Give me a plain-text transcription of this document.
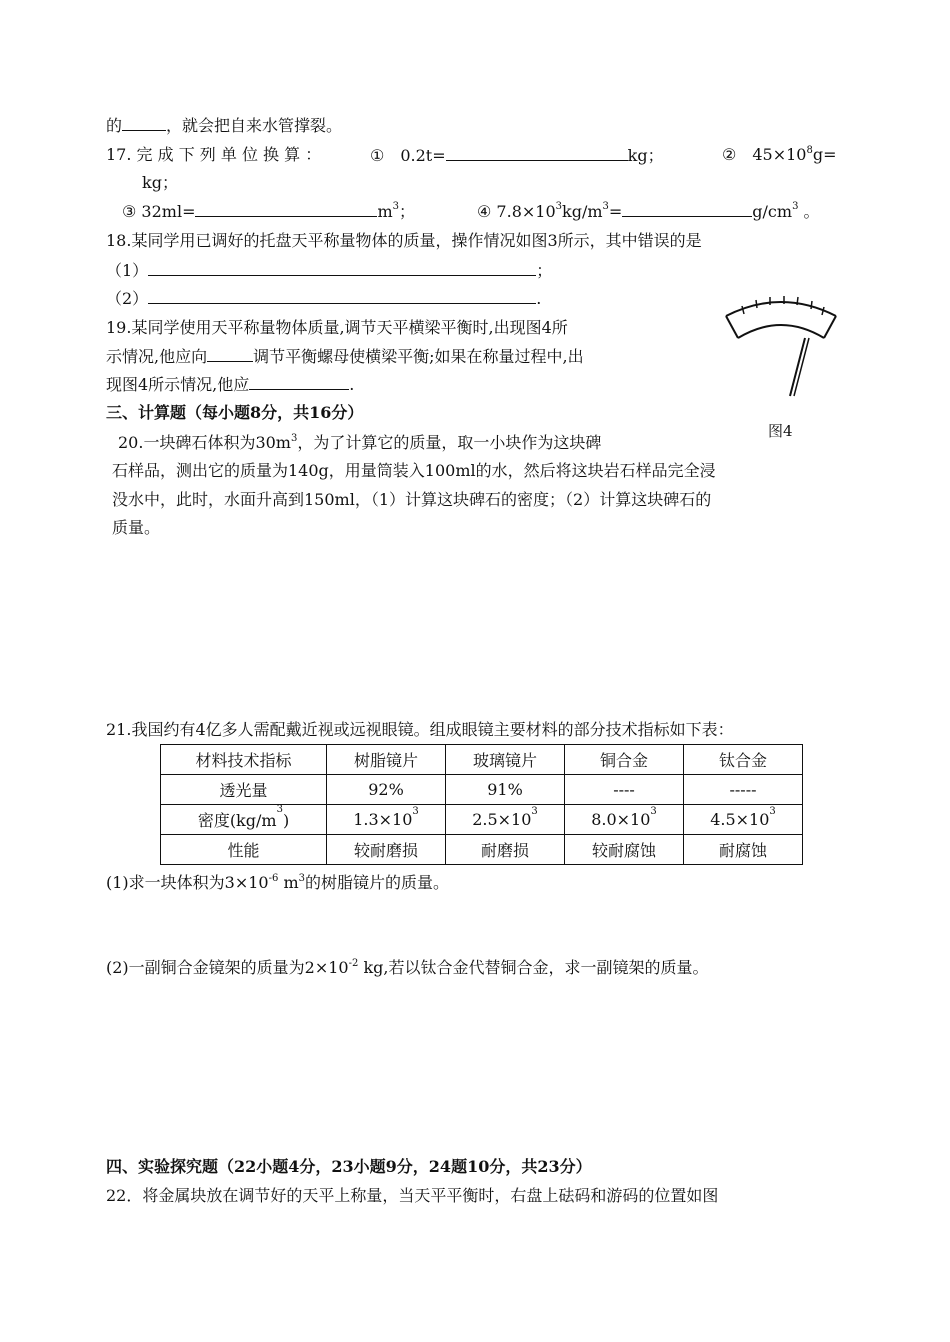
的	，就会把自来水管撑裂。
17. 完 成 下 列 单 位 换 算 ：	①　0.2t=	kg；	②　$45\times 10^8g=$
kg；
③ 32ml=	$m^3$；	④ $7.8\times 10^3kg/m^3=$	$g/cm^3$ 。
18.某同学用已调好的托盘天平称量物体的质量，操作情况如图3所示，其中错误的是
（1）	；
（2）	.
19.某同学使用天平称量物体质量,调节天平横梁平衡时,出现图4所
示情况,他应向	调节平衡螺母使横梁平衡;如果在称量过程中,出
现图4所示情况,他应	.
图4
三、计算题（每小题8分，共16分）
20.一块碑石体积为$30m^3$，为了计算它的质量，取一小块作为这块碑
石样品，测出它的质量为140g，用量筒装入100ml的水，然后将这块岩石样品完全浸
没水中，此时，水面升高到150ml，（1）计算这块碑石的密度；（2）计算这块碑石的
质量。
21.我国约有4亿多人需配戴近视或远视眼镜。组成眼镜主要材料的部分技术指标如下表：
材料技术指标	树脂镜片	玻璃镜片	铜合金	钛合金
透光量	92%	91%	----	-----
密度$(kg/m^3)$	$1.3\times 10^3$	$2.5\times 10^3$	$8.0\times 10^3$	$4.5\times 10^3$
性能	较耐磨损	耐磨损	较耐腐蚀	耐腐蚀
(1)求一块体积为$3\times 10^{-6}$ $m^3$的树脂镜片的质量。
(2)一副铜合金镜架的质量为$2\times 10^{-2}$ kg,若以钛合金代替铜合金，求一副镜架的质量。
四、实验探究题（22小题4分，23小题9分，24题10分，共23分）
22．将金属块放在调节好的天平上称量，当天平平衡时，右盘上砝码和游码的位置如图
